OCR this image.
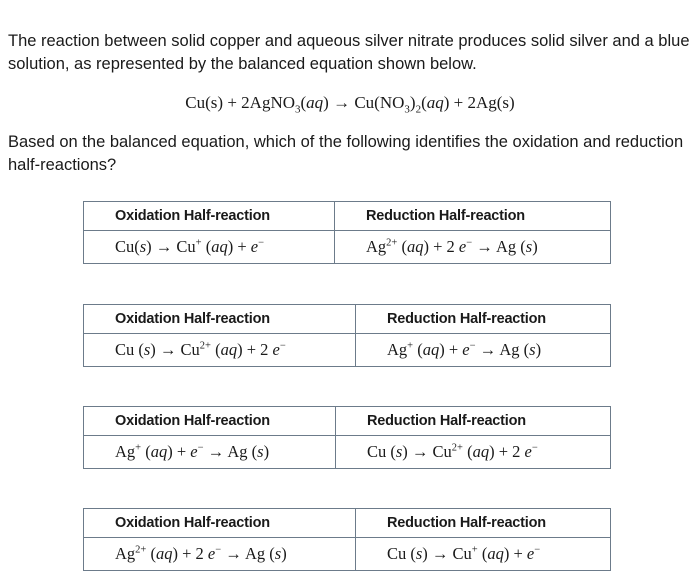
The reaction between solid copper and aqueous silver nitrate produces solid silver and a blue solution, as represented by the balanced equation shown below.
Cu(s) + 2AgNO$_3$(aq) → $Cu(NO_3)_2(aq) + 2Ag(s)$
Based on the balanced equation, which of the following identifies the oxidation and reduction half-reactions?
Oxidation Half-reaction	Reduction Half-reaction
Cu(s) → Cu+ (aq) + e−	$Ag^{2+}$ (aq) + 2 e− → Ag (s)
Oxidation Half-reaction	Reduction Half-reaction
Cu $(s) \to Cu^{2+}$ (aq) + 2 e−	Ag+ (aq) + e− → Ag (s)
Oxidation Half-reaction	Reduction Half-reaction
Ag+ (aq) + e− → Ag (s)	Cu $(s) \to Cu^{2+}$ (aq) + 2 e−
Oxidation Half-reaction	Reduction Half-reaction
$Ag^{2+}$ (aq) + 2 e− → Ag (s)	Cu (s) → Cu+ (aq) + e−
